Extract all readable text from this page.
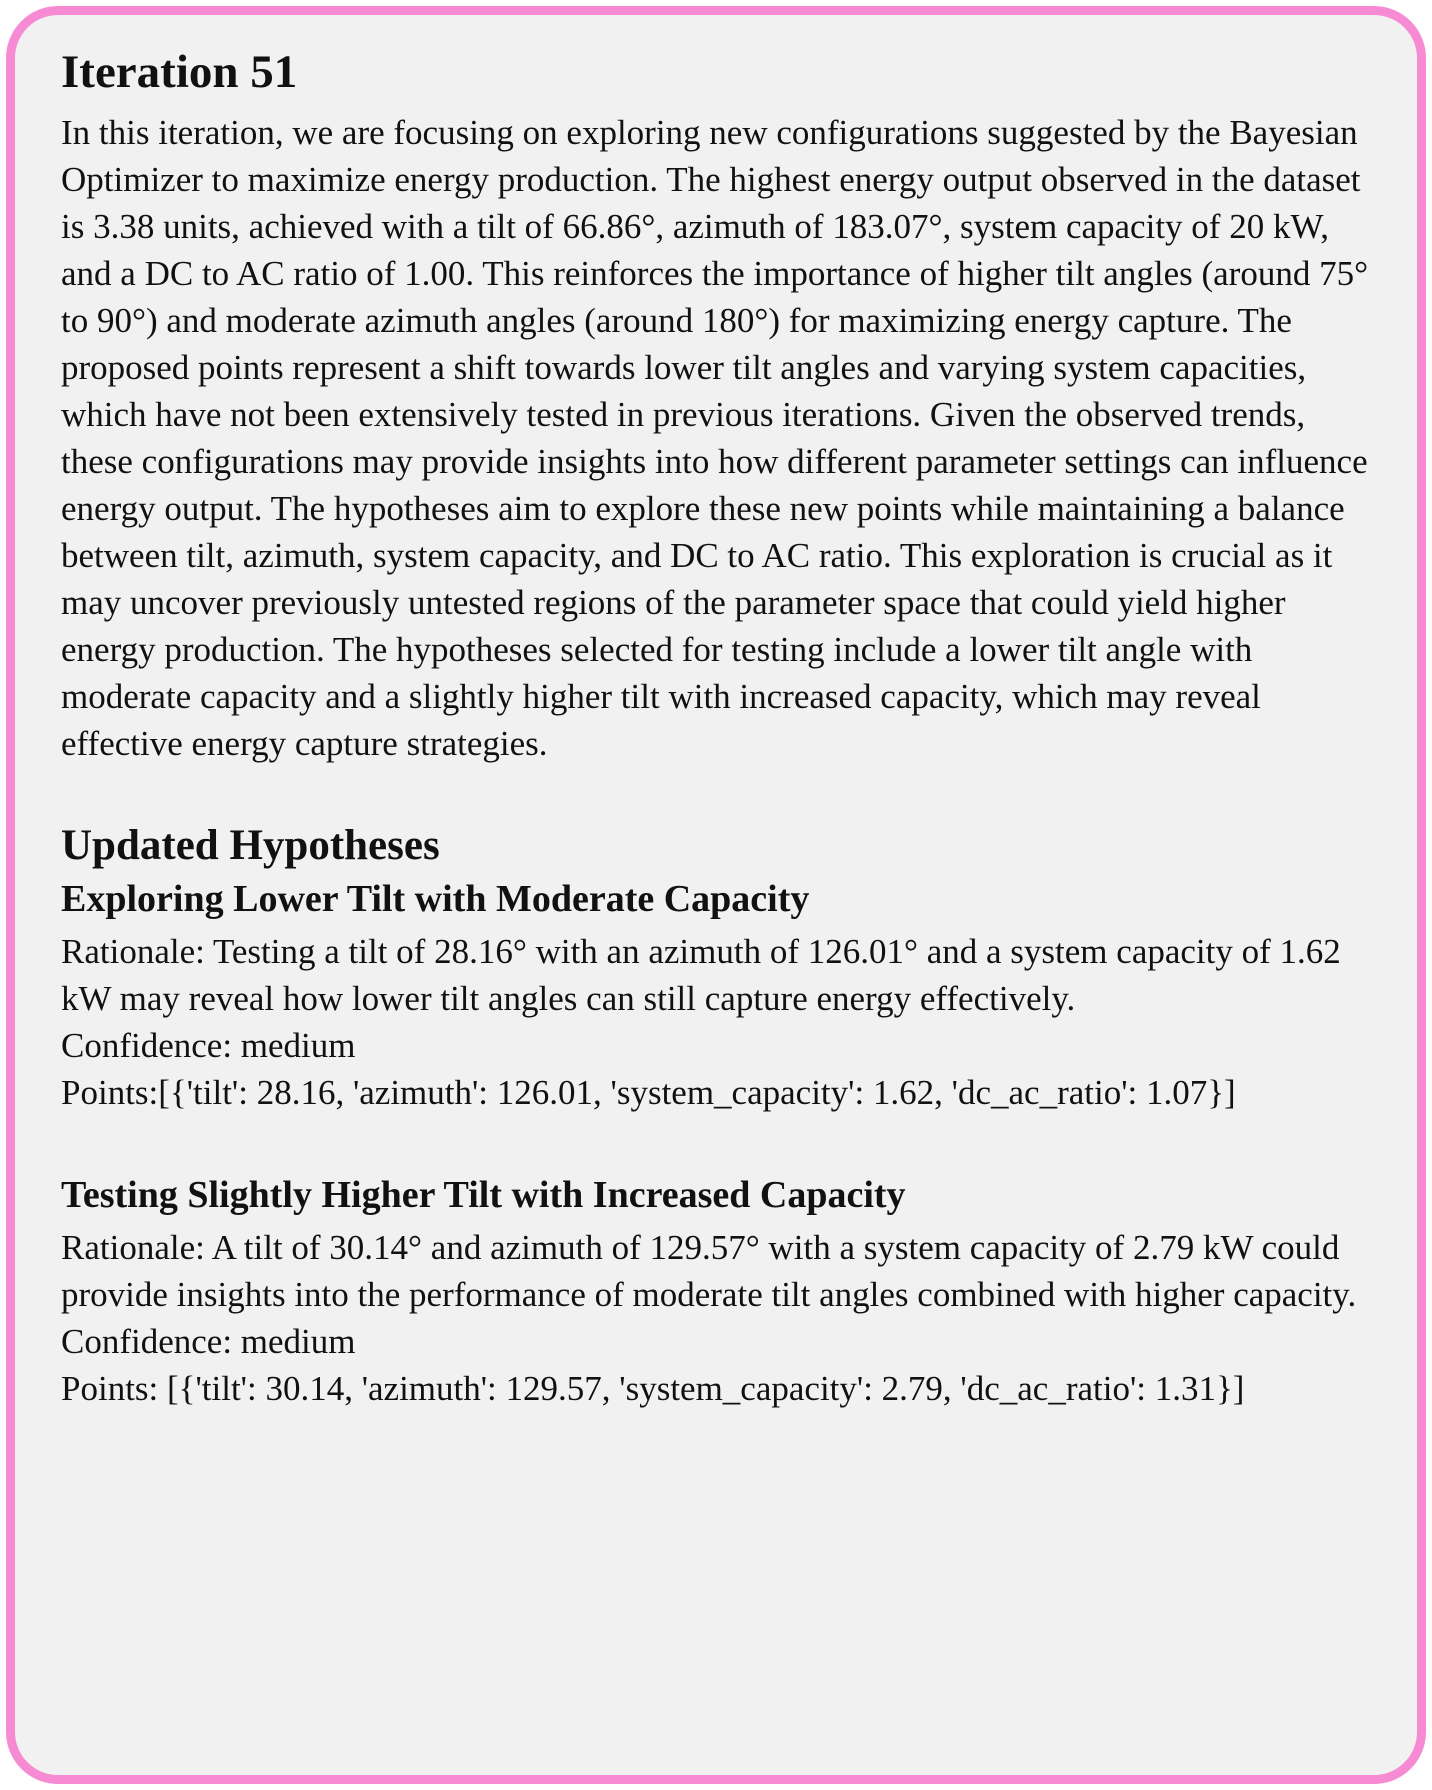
Iteration 51

In this iteration, we are focusing on exploring new configurations suggested by the Bayesian Optimizer to maximize energy production. The highest energy output observed in the dataset is 3.38 units, achieved with a tilt of 66.86°, azimuth of 183.07°, system capacity of 20 kW, and a DC to AC ratio of 1.00. This reinforces the importance of higher tilt angles (around 75° to 90°) and moderate azimuth angles (around 180°) for maximizing energy capture. The proposed points represent a shift towards lower tilt angles and varying system capacities, which have not been extensively tested in previous iterations. Given the observed trends, these configurations may provide insights into how different parameter settings can influence energy output. The hypotheses aim to explore these new points while maintaining a balance between tilt, azimuth, system capacity, and DC to AC ratio. This exploration is crucial as it may uncover previously untested regions of the parameter space that could yield higher energy production. The hypotheses selected for testing include a lower tilt angle with moderate capacity and a slightly higher tilt with increased capacity, which may reveal effective energy capture strategies.

Updated Hypotheses
Exploring Lower Tilt with Moderate Capacity

Rationale: Testing a tilt of 28.16° with an azimuth of 126.01° and a system capacity of 1.62 kW may reveal how lower tilt angles can still capture energy effectively.

Confidence: medium

Points:[{'tilt': 28.16, 'azimuth': 126.01, 'system_capacity': 1.62, 'dc_ac_ratio': 1.07}]

Testing Slightly Higher Tilt with Increased Capacity

Rationale: A tilt of 30.14° and azimuth of 129.57° with a system capacity of 2.79 kW could provide insights into the performance of moderate tilt angles combined with higher capacity.

Confidence: medium

Points: [{'tilt': 30.14, 'azimuth': 129.57, 'system_capacity': 2.79, 'dc_ac_ratio': 1.31}]
